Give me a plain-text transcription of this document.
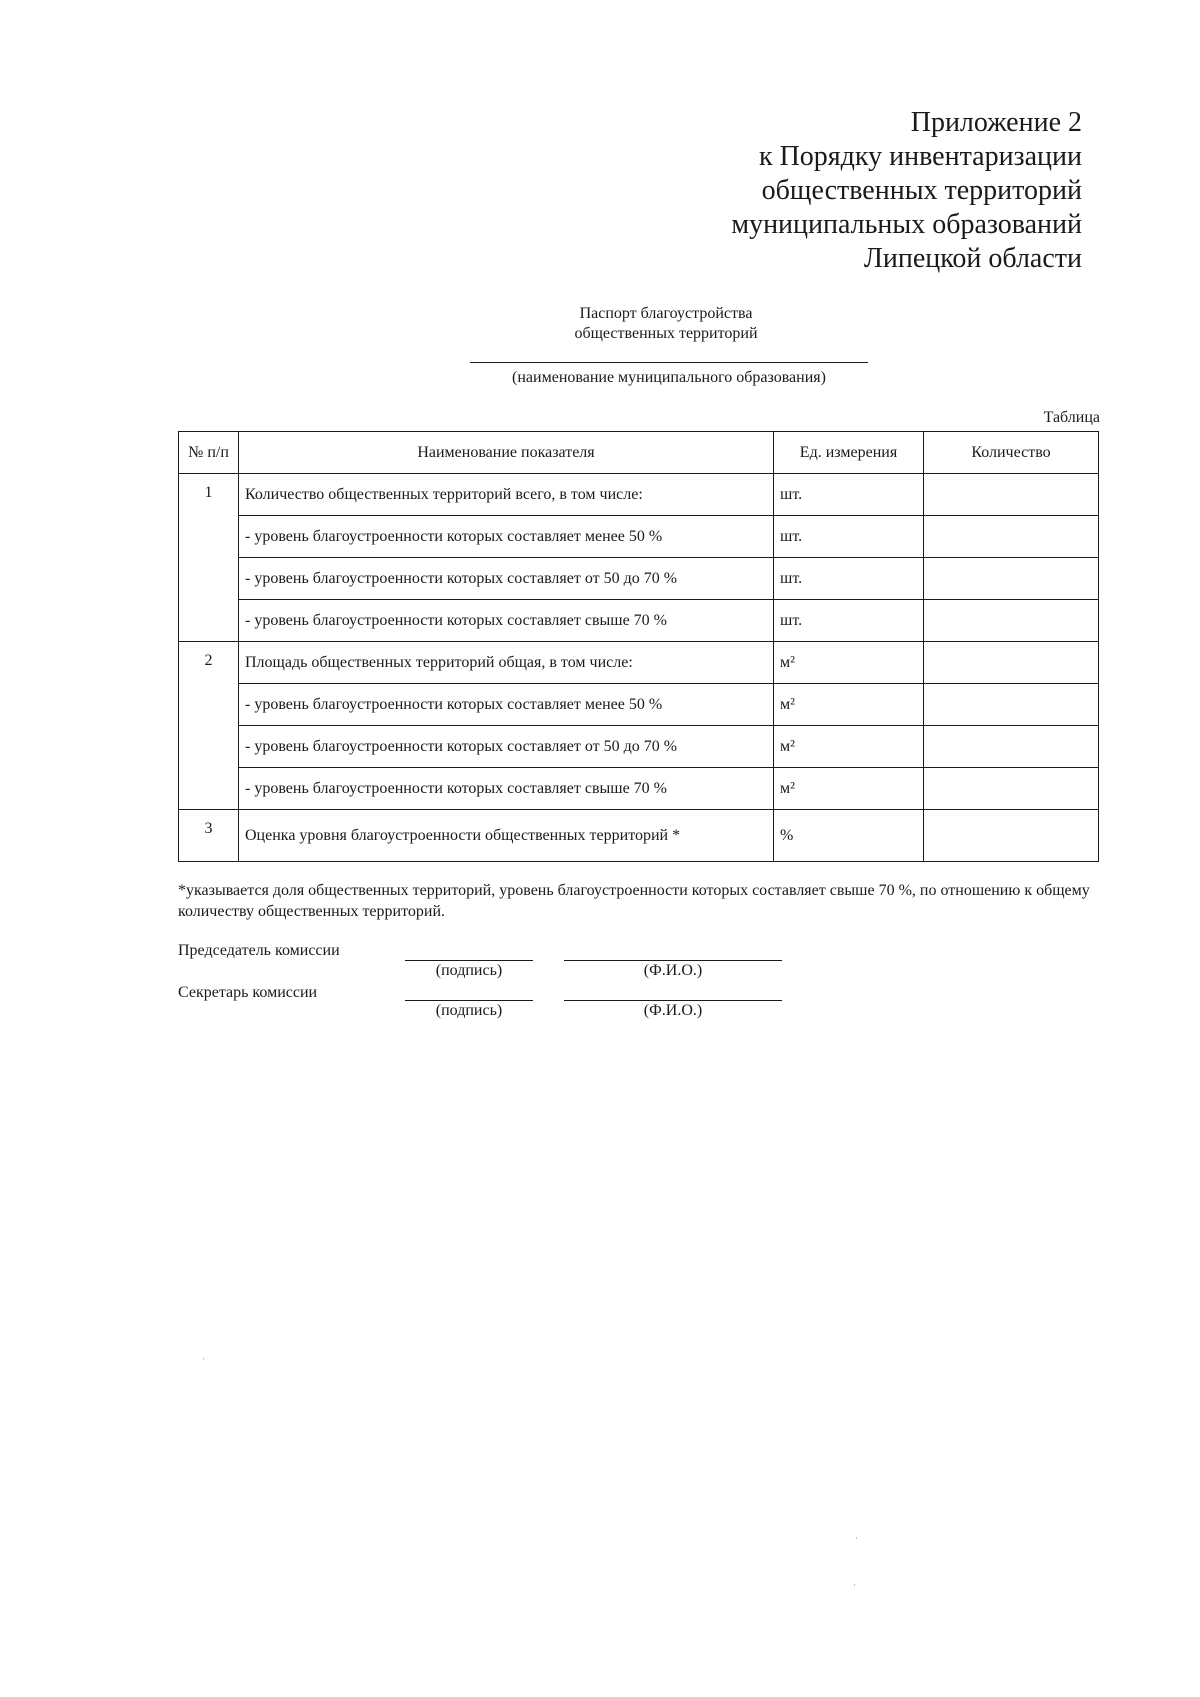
Приложение 2
к Порядку инвентаризации
общественных территорий
муниципальных образований
Липецкой области
Паспорт благоустройства
общественных территорий
(наименование муниципального образования)
Таблица
№ п/п	Наименование показателя	Ед. измерения	Количество
1	Количество общественных территорий всего, в том числе:	шт.	
	- уровень благоустроенности которых составляет менее 50 %	шт.	
	- уровень благоустроенности которых составляет от 50 до 70 %	шт.	
	- уровень благоустроенности которых составляет свыше 70 %	шт.	
2	Площадь общественных территорий общая, в том числе:	м²	
	- уровень благоустроенности которых составляет менее 50 %	м²	
	- уровень благоустроенности которых составляет от 50 до 70 %	м²	
	- уровень благоустроенности которых составляет свыше 70 %	м²	
3	Оценка уровня благоустроенности общественных территорий *	%	
*указывается доля общественных территорий, уровень благоустроенности которых составляет свыше 70 %, по отношению к общему количеству общественных территорий.
Председатель комиссии
(подпись)	(Ф.И.О.)
Секретарь комиссии
(подпись)	(Ф.И.О.)
·
·
·
